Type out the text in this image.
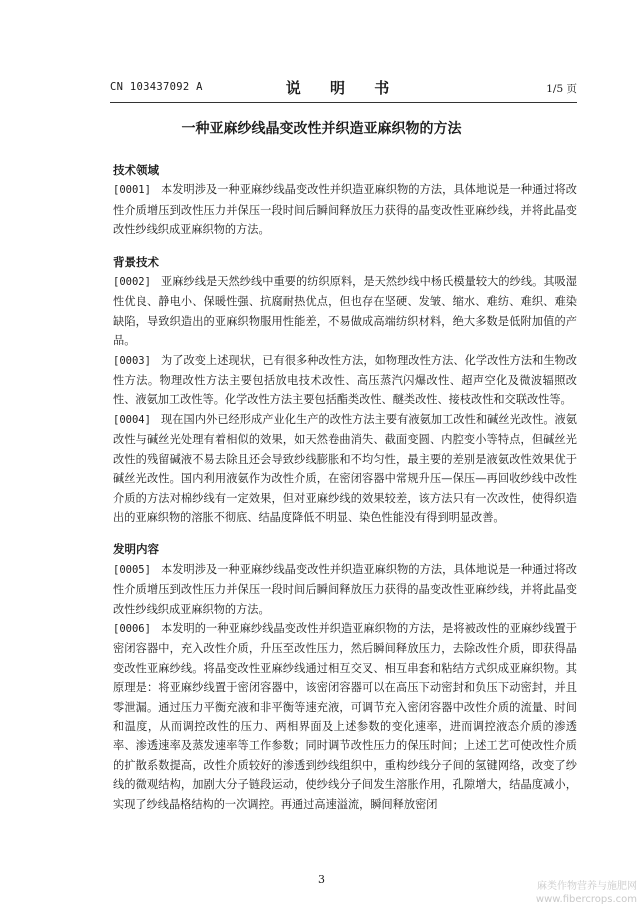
CN 103437092 A	说 明 书	1/5 页
一种亚麻纱线晶变改性并织造亚麻织物的方法
技术领域

[0001] 本发明涉及一种亚麻纱线晶变改性并织造亚麻织物的方法，具体地说是一种通过将改性介质增压到改性压力并保压一段时间后瞬间释放压力获得的晶变改性亚麻纱线，并将此晶变改性纱线织成亚麻织物的方法。

背景技术

[0002] 亚麻纱线是天然纱线中重要的纺织原料，是天然纱线中杨氏模量较大的纱线。其吸湿性优良、静电小、保暖性强、抗腐耐热优点，但也存在坚硬、发皱、缩水、难纺、难织、难染缺陷，导致织造出的亚麻织物服用性能差，不易做成高端纺织材料，绝大多数是低附加值的产品。

[0003] 为了改变上述现状，已有很多种改性方法，如物理改性方法、化学改性方法和生物改性方法。物理改性方法主要包括放电技术改性、高压蒸汽闪爆改性、超声空化及微波辐照改性、液氨加工改性等。化学改性方法主要包括酯类改性、醚类改性、接枝改性和交联改性等。

[0004] 现在国内外已经形成产业化生产的改性方法主要有液氨加工改性和碱丝光改性。液氨改性与碱丝光处理有着相似的效果，如天然卷曲消失、截面变圆、内腔变小等特点，但碱丝光改性的残留碱液不易去除且还会导致纱线膨胀和不均匀性，最主要的差别是液氨改性效果优于碱丝光改性。国内利用液氨作为改性介质，在密闭容器中常规升压—保压—再回收纱线中改性介质的方法对棉纱线有一定效果，但对亚麻纱线的效果较差，该方法只有一次改性，使得织造出的亚麻织物的溶胀不彻底、结晶度降低不明显、染色性能没有得到明显改善。

发明内容

[0005] 本发明涉及一种亚麻纱线晶变改性并织造亚麻织物的方法，具体地说是一种通过将改性介质增压到改性压力并保压一段时间后瞬间释放压力获得的晶变改性亚麻纱线，并将此晶变改性纱线织成亚麻织物的方法。

[0006] 本发明的一种亚麻纱线晶变改性并织造亚麻织物的方法，是将被改性的亚麻纱线置于密闭容器中，充入改性介质，升压至改性压力，然后瞬间释放压力，去除改性介质，即获得晶变改性亚麻纱线。将晶变改性亚麻纱线通过相互交叉、相互串套和粘结方式织成亚麻织物。其原理是：将亚麻纱线置于密闭容器中，该密闭容器可以在高压下动密封和负压下动密封，并且零泄漏。通过压力平衡充液和非平衡等速充液，可调节充入密闭容器中改性介质的流量、时间和温度，从而调控改性的压力、两相界面及上述参数的变化速率，进而调控液态介质的渗透率、渗透速率及蒸发速率等工作参数；同时调节改性压力的保压时间；上述工艺可使改性介质的扩散系数提高，改性介质较好的渗透到纱线组织中，重构纱线分子间的氢键网络，改变了纱线的微观结构，加剧大分子链段运动，使纱线分子间发生溶胀作用，孔隙增大，结晶度减小，实现了纱线晶格结构的一次调控。再通过高速溢流，瞬间释放密闭

3
麻类作物营养与施肥网
www.fibercrops.com
